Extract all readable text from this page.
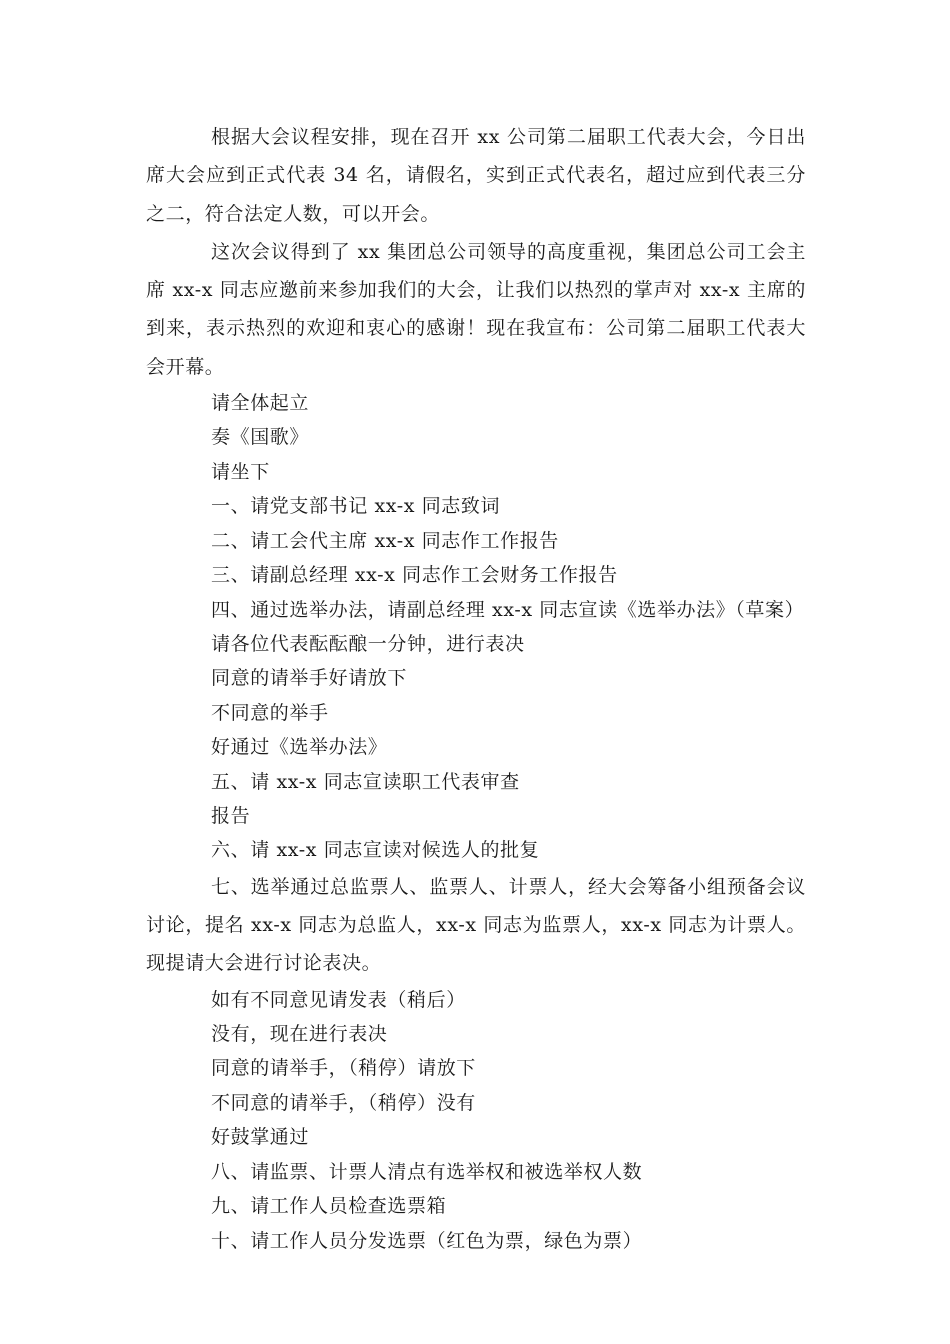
根据大会议程安排，现在召开 xx 公司第二届职工代表大会，今日出席大会应到正式代表 34 名，请假名，实到正式代表名，超过应到代表三分之二，符合法定人数，可以开会。

这次会议得到了 xx 集团总公司领导的高度重视，集团总公司工会主席 xx-x 同志应邀前来参加我们的大会，让我们以热烈的掌声对 xx-x 主席的到来，表示热烈的欢迎和衷心的感谢！现在我宣布：公司第二届职工代表大会开幕。

请全体起立

奏《国歌》

请坐下

一、请党支部书记 xx-x 同志致词

二、请工会代主席 xx-x 同志作工作报告

三、请副总经理 xx-x 同志作工会财务工作报告

四、通过选举办法，请副总经理 xx-x 同志宣读《选举办法》（草案）

请各位代表酝酝酿一分钟，进行表决

同意的请举手好请放下

不同意的举手

好通过《选举办法》

五、请 xx-x 同志宣读职工代表审查

报告

六、请 xx-x 同志宣读对候选人的批复

七、选举通过总监票人、监票人、计票人，经大会筹备小组预备会议讨论，提名 xx-x 同志为总监人，xx-x 同志为监票人，xx-x 同志为计票人。现提请大会进行讨论表决。

如有不同意见请发表（稍后）

没有，现在进行表决

同意的请举手，（稍停）请放下

不同意的请举手，（稍停）没有

好鼓掌通过

八、请监票、计票人清点有选举权和被选举权人数

九、请工作人员检查选票箱

十、请工作人员分发选票（红色为票，绿色为票）
